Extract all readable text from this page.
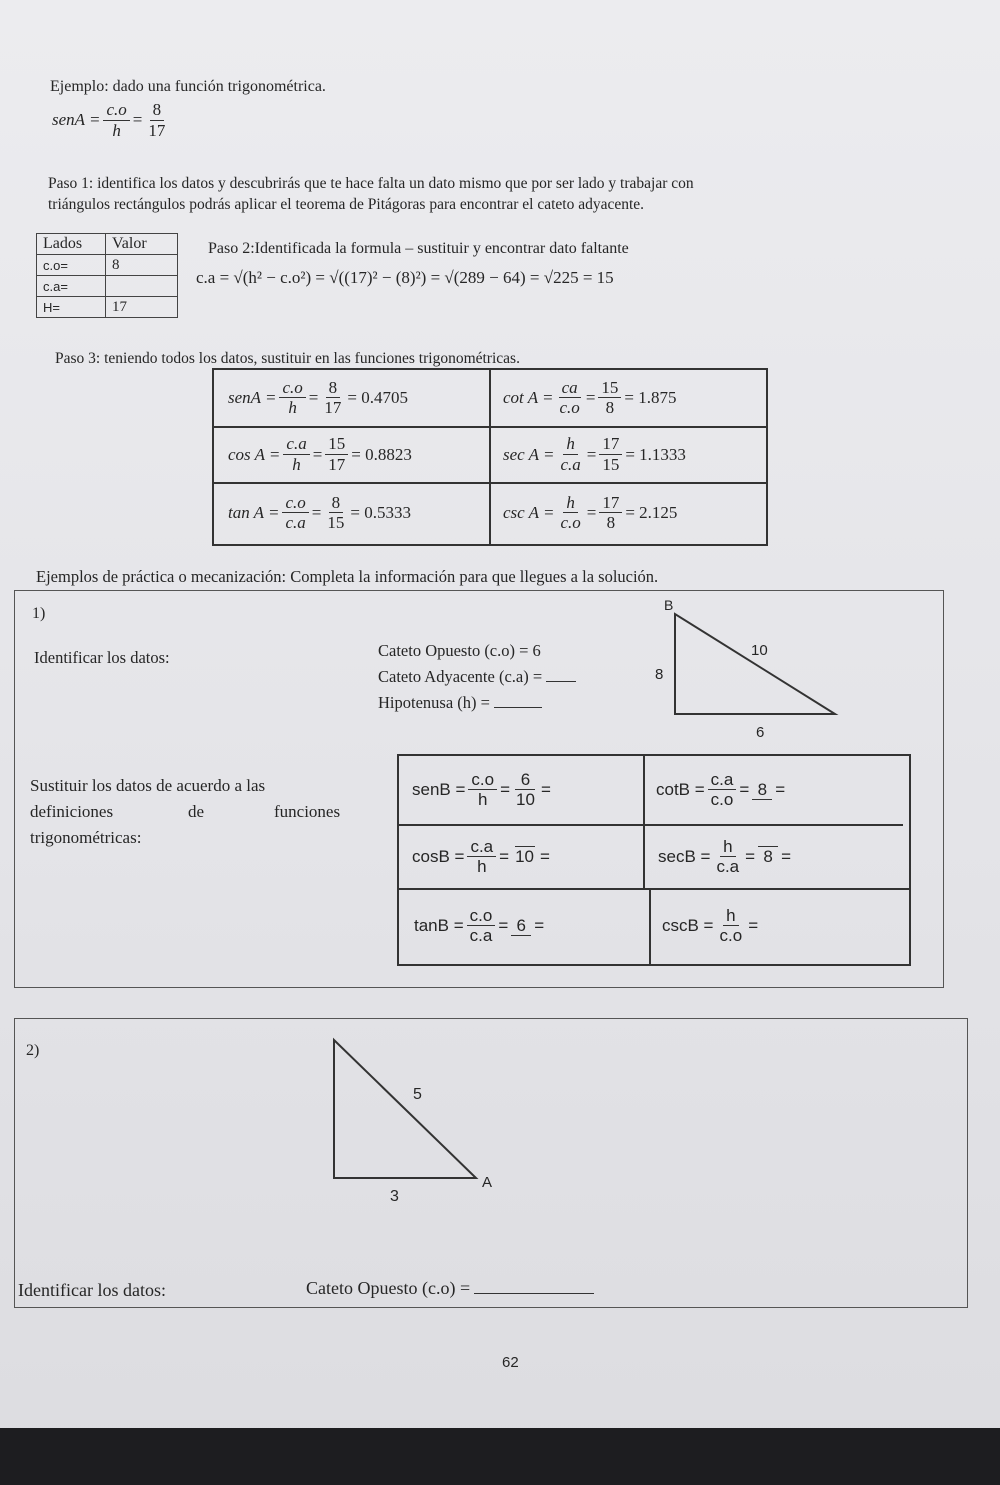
Ejemplo: dado una función trigonométrica.
senA = $\frac{c.o}{h} = \frac{8}{17}$
Paso 1: identifica los datos y descubrirás que te hace falta un dato mismo que por ser lado y trabajar con
triángulos rectángulos podrás aplicar el teorema de Pitágoras para encontrar el cateto adyacente.
Lados	Valor
c.o=	8
c.a=	
H=	17
Paso 2:Identificada la formula – sustituir y encontrar dato faltante
c.a = √(h² − c.o²) = √((17)² − (8)²) = √(289 − 64) = √225 = 15
Paso 3: teniendo todos los datos, sustituir en las funciones trigonométricas.
senA = $\frac{c.o}{h} = \frac{8}{17} = 0.4705$	$\cot A = \frac{ca}{c.o} = \frac{15}{8} = 1.875$
$\cos A = \frac{c.a}{h} = \frac{15}{17} = 0.8823$	$\sec A = \frac{h}{c.a} = \frac{17}{15} = 1.1333$
$\tan A = \frac{c.o}{c.a} = \frac{8}{15} = 0.5333$	$\csc A = \frac{h}{c.o} = \frac{17}{8} = 2.125$
Ejemplos de práctica o mecanización: Completa la información para que llegues a la solución.
1)
Identificar los datos:	Cateto Opuesto (c.o) = 6
Cateto Adyacente (c.a) =
Hipotenusa (h) =
B
10
8
6
Sustituir los datos de acuerdo a las
definiciones	de	funciones
trigonométricas:
senB = $\frac{c.o}{h} = \frac{6}{10}$ =	$\cot B = \frac{c.a}{c.o} = 8$ =
$\cos B = \frac{c.a}{h} = 10$ =	$\sec B = \frac{h}{c.a} = 8$ =
$\tan B = \frac{c.o}{c.a} = 6$ =	$\csc B = \frac{h}{c.o}$ =
2)
5
3
A
Identificar los datos:	Cateto Opuesto (c.o) =
62
